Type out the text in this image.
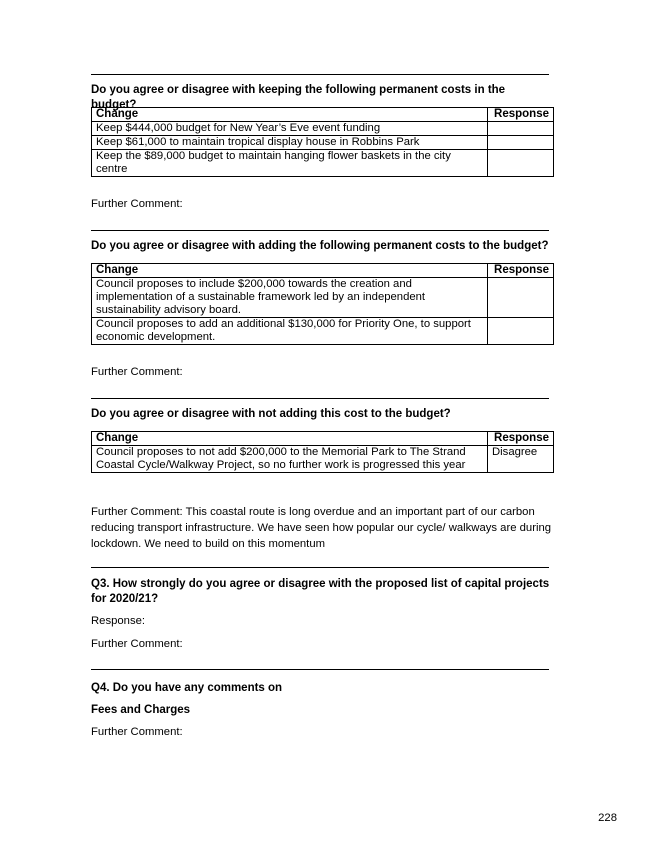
Do you agree or disagree with keeping the following permanent costs in the budget?
Change	Response
Keep $444,000 budget for New Year’s Eve event funding	
Keep $61,000 to maintain tropical display house in Robbins Park	
Keep the $89,000 budget to maintain hanging flower baskets in the city centre	
Further Comment:
Do you agree or disagree with adding the following permanent costs to the budget?
Change	Response
Council proposes to include $200,000 towards the creation and implementation of a sustainable framework led by an independent sustainability advisory board.	
Council proposes to add an additional $130,000 for Priority One, to support economic development.	
Further Comment:
Do you agree or disagree with not adding this cost to the budget?
Change	Response
Council proposes to not add $200,000 to the Memorial Park to The Strand Coastal Cycle/Walkway Project, so no further work is progressed this year	Disagree
Further Comment: This coastal route is long overdue and an important part of our carbon reducing transport infrastructure. We have seen how popular our cycle/ walkways are during lockdown. We need to build on this momentum
Q3. How strongly do you agree or disagree with the proposed list of capital projects for 2020/21?
Response:
Further Comment:
Q4. Do you have any comments on
Fees and Charges
Further Comment:
228
